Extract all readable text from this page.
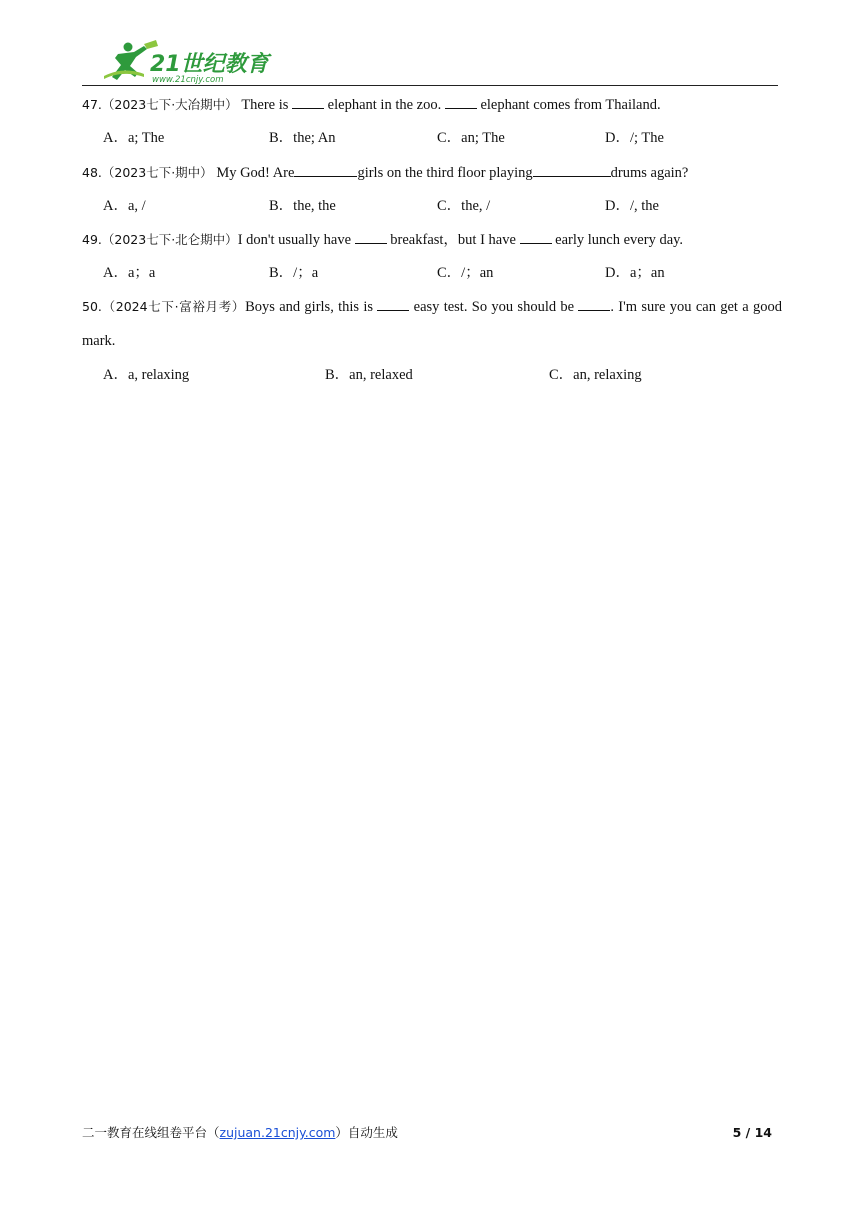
21世纪教育
www.21cnjy.com
47.（2023七下·大冶期中） There is  elephant in the zoo.  elephant comes from Thailand.
A．a; The	B．the; An	C．an; The	D．/; The
48.（2023七下·期中） My God! Are	girls on the third floor playing	drums again?
A．a, /	B．the, the	C．the, /	D．/, the
49.（2023七下·北仑期中）I don't usually have  breakfast，but I have  early lunch every day.
A．a；a	B．/；a	C．/；an	D．a；an
50.（2024七下·富裕月考）Boys and girls, this is  easy test. So you should be . I'm sure you can get a good mark.
A．a, relaxing	B．an, relaxed	C．an, relaxing
二一教育在线组卷平台（zujuan.21cnjy.com）自动生成	5 / 14
